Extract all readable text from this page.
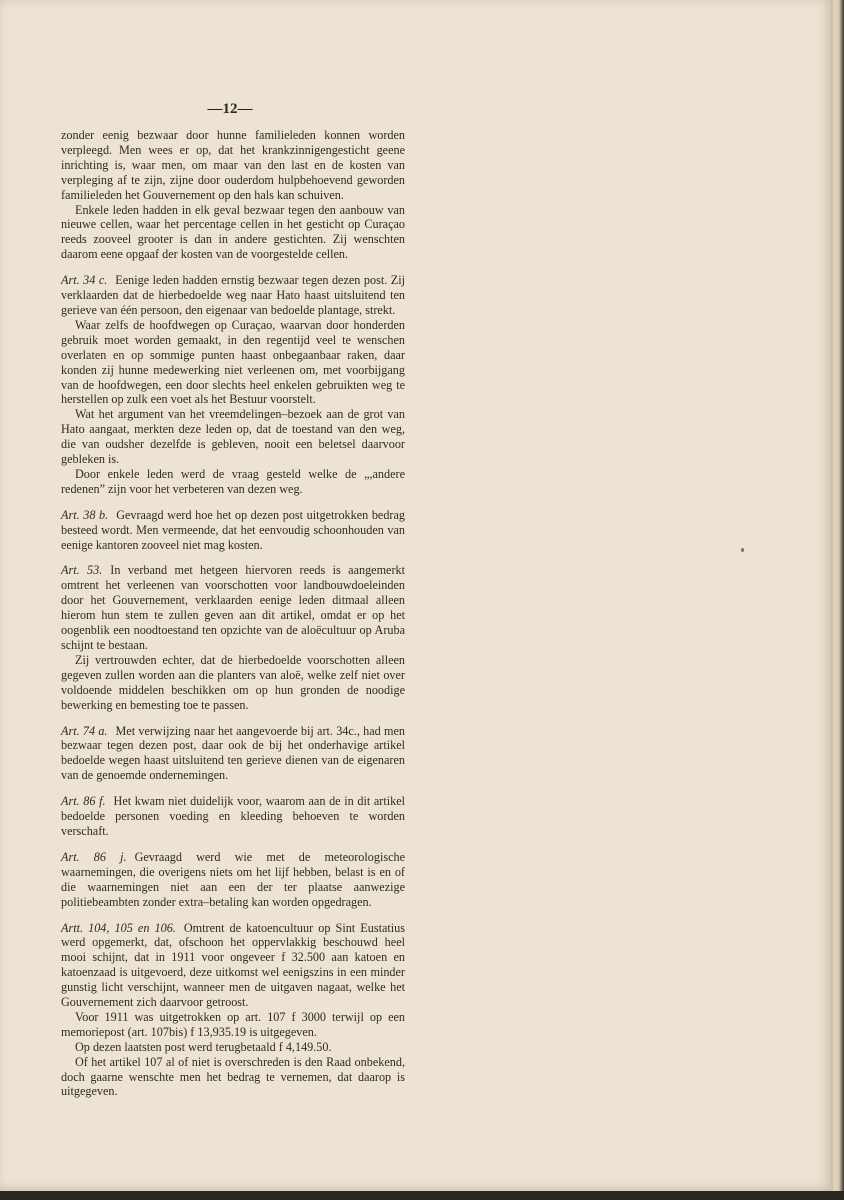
—12—

zonder eenig bezwaar door hunne familieleden konnen worden verpleegd. Men wees er op, dat het krankzinnigengesticht geene inrichting is, waar men, om maar van den last en de kosten van verpleging af te zijn, zijne door ouderdom hulpbehoevend geworden familieleden het Gouvernement op den hals kan schuiven.

Enkele leden hadden in elk geval bezwaar tegen den aanbouw van nieuwe cellen, waar het percentage cellen in het gesticht op Curaçao reeds zooveel grooter is dan in andere gestichten. Zij wenschten daarom eene opgaaf der kosten van de voorgestelde cellen.

Art. 34 c. Eenige leden hadden ernstig bezwaar tegen dezen post. Zij verklaarden dat de hierbedoelde weg naar Hato haast uitsluitend ten gerieve van één persoon, den eigenaar van bedoelde plantage, strekt.

Waar zelfs de hoofdwegen op Curaçao, waarvan door honderden gebruik moet worden gemaakt, in den regentijd veel te wenschen overlaten en op sommige punten haast onbegaanbaar raken, daar konden zij hunne medewerking niet verleenen om, met voorbijgang van de hoofdwegen, een door slechts heel enkelen gebruikten weg te herstellen op zulk een voet als het Bestuur voorstelt.

Wat het argument van het vreemdelingen–bezoek aan de grot van Hato aangaat, merkten deze leden op, dat de toestand van den weg, die van oudsher dezelfde is gebleven, nooit een beletsel daarvoor gebleken is.

Door enkele leden werd de vraag gesteld welke de „,andere redenen” zijn voor het verbeteren van dezen weg.

Art. 38 b. Gevraagd werd hoe het op dezen post uitgetrokken bedrag besteed wordt. Men vermeende, dat het eenvoudig schoonhouden van eenige kantoren zooveel niet mag kosten.

Art. 53. In verband met hetgeen hiervoren reeds is aangemerkt omtrent het verleenen van voorschotten voor landbouwdoeleinden door het Gouvernement, verklaarden eenige leden ditmaal alleen hierom hun stem te zullen geven aan dit artikel, omdat er op het oogenblik een noodtoestand ten opzichte van de aloëcultuur op Aruba schijnt te bestaan.

Zij vertrouwden echter, dat de hierbedoelde voorschotten alleen gegeven zullen worden aan die planters van aloë, welke zelf niet over voldoende middelen beschikken om op hun gronden de noodige bewerking en bemesting toe te passen.

Art. 74 a. Met verwijzing naar het aangevoerde bij art. 34c., had men bezwaar tegen dezen post, daar ook de bij het onderhavige artikel bedoelde wegen haast uitsluitend ten gerieve dienen van de eigenaren van de genoemde ondernemingen.

Art. 86 f. Het kwam niet duidelijk voor, waarom aan de in dit artikel bedoelde personen voeding en kleeding behoeven te worden verschaft.

Art. 86 j. Gevraagd werd wie met de meteorologische waarnemingen, die overigens niets om het lijf hebben, belast is en of die waarnemingen niet aan een der ter plaatse aanwezige politiebeambten zonder extra–betaling kan worden opgedragen.

Artt. 104, 105 en 106. Omtrent de katoencultuur op Sint Eustatius werd opgemerkt, dat, ofschoon het oppervlakkig beschouwd heel mooi schijnt, dat in 1911 voor ongeveer f 32.500 aan katoen en katoenzaad is uitgevoerd, deze uitkomst wel eenigszins in een minder gunstig licht verschijnt, wanneer men de uitgaven nagaat, welke het Gouvernement zich daarvoor getroost.

Voor 1911 was uitgetrokken op art. 107 f 3000 terwijl op een memoriepost (art. 107bis) f 13,935.19 is uitgegeven.

Op dezen laatsten post werd terugbetaald f 4,149.50.

Of het artikel 107 al of niet is overschreden is den Raad onbekend, doch gaarne wenschte men het bedrag te vernemen, dat daarop is uitgegeven.
